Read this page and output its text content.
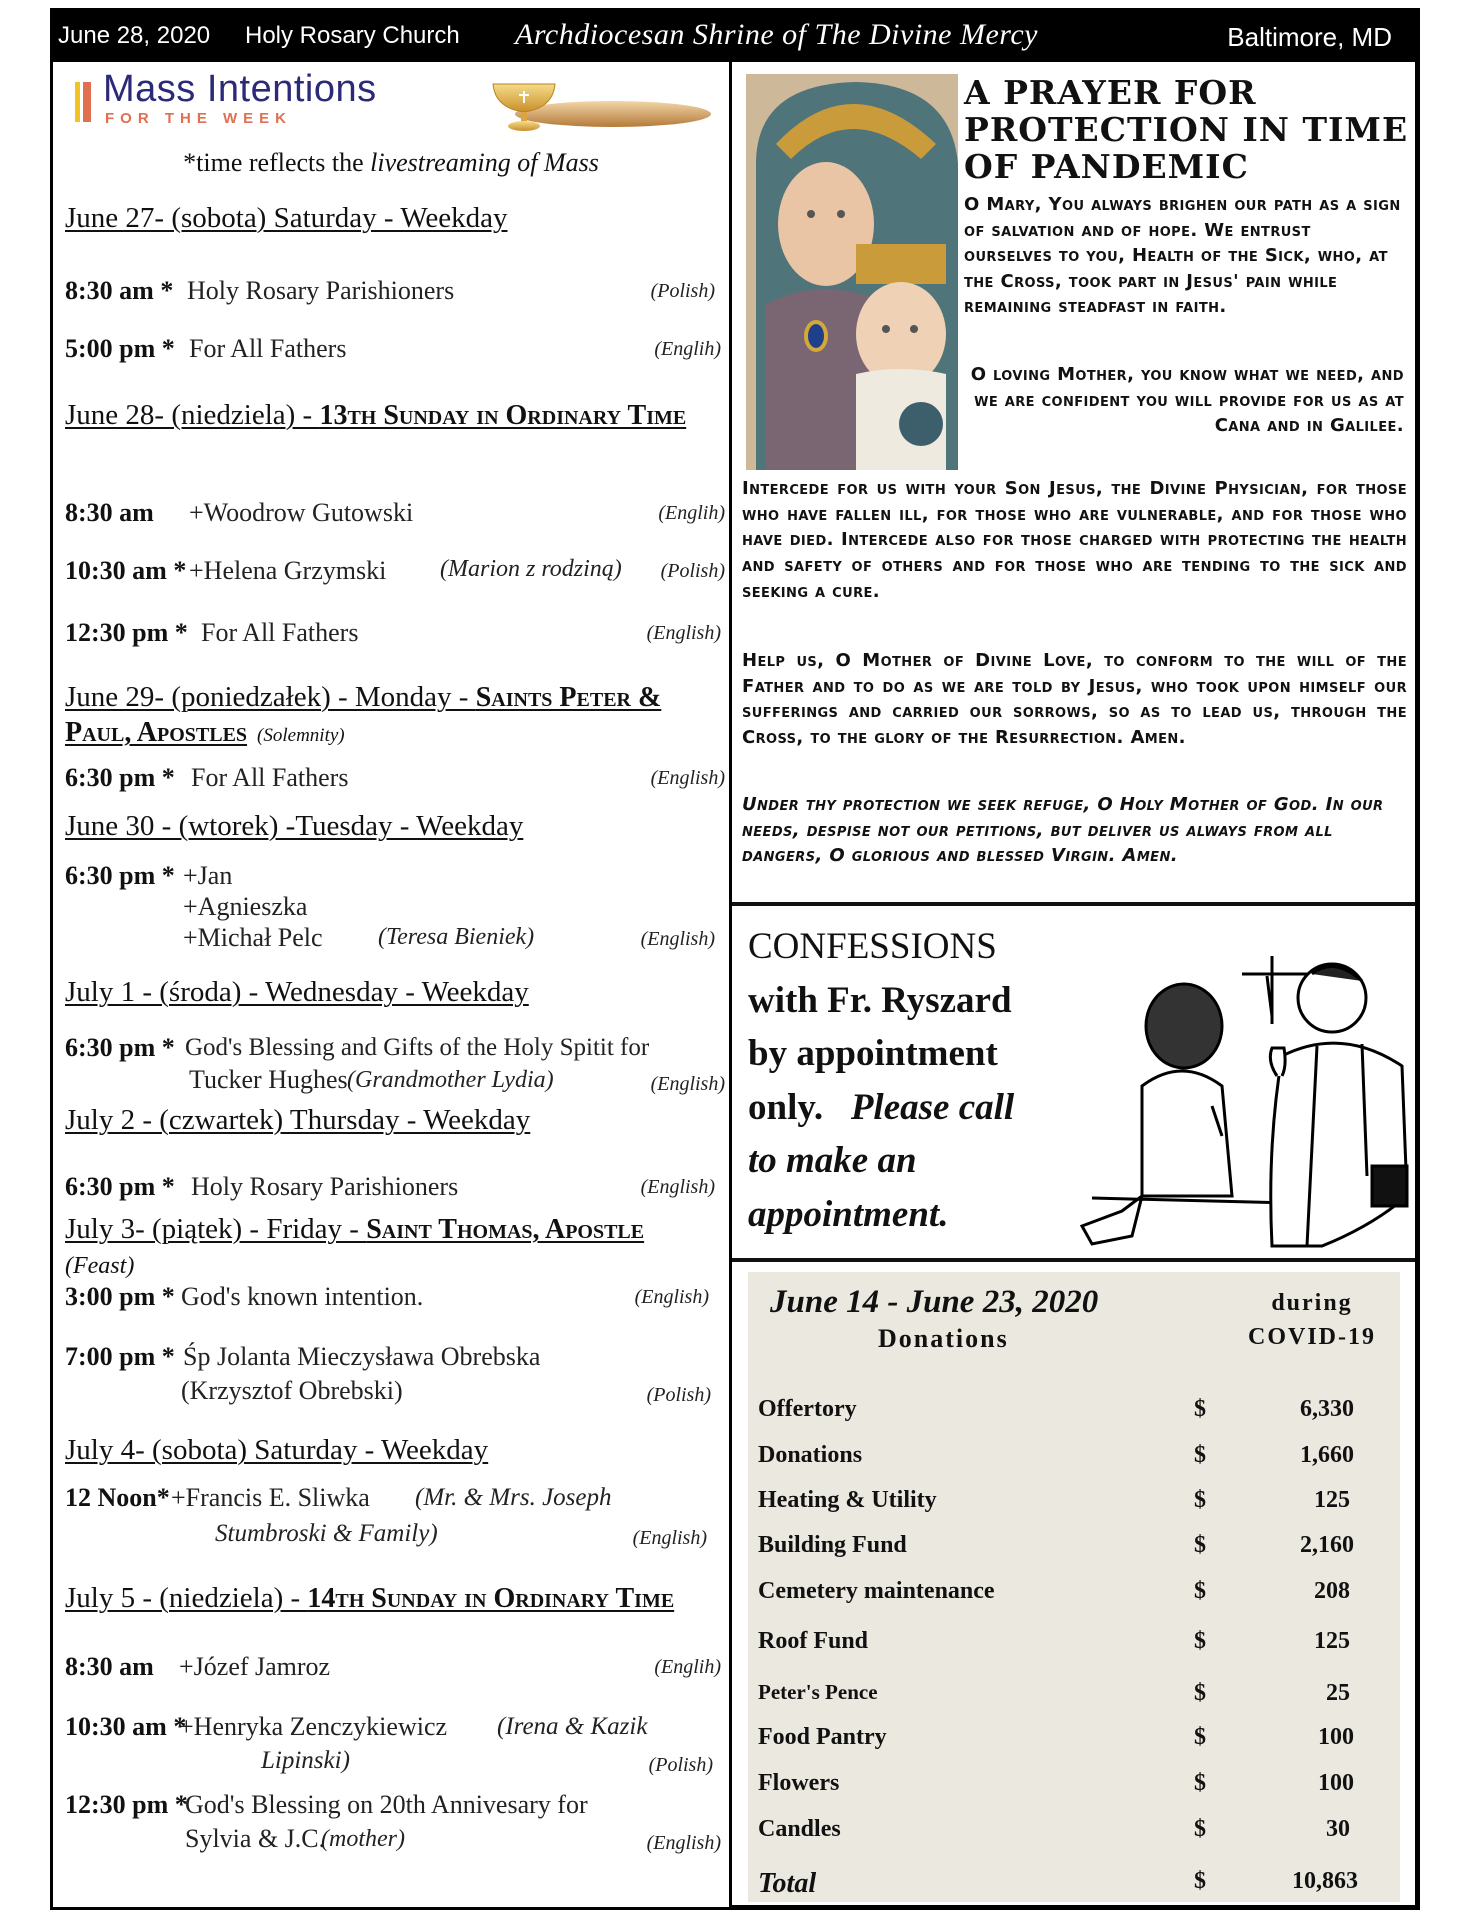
June 28, 2020 Holy Rosary Church Archdiocesan Shrine of The Divine Mercy	Baltimore, MD
Mass Intentions
FOR THE WEEK
*time reflects the livestreaming of Mass
June 27- (sobota) Saturday - Weekday
8:30 am * Holy Rosary Parishioners	(Polish)
5:00 pm * For All Fathers	(Englih)
June 28- (niedziela) - 13th Sunday in Ordinary Time
8:30 am +Woodrow Gutowski	(Englih)
10:30 am * +Helena Grzymski (Marion z rodziną) (Polish)
12:30 pm * For All Fathers	(English)
June 29- (poniedzałek) - Monday - Saints Peter & Paul, Apostles (Solemnity)
6:30 pm * For All Fathers	(English)
June 30 - (wtorek) -Tuesday - Weekday
6:30 pm * +Jan
+Agnieszka
+Michał Pelc (Teresa Bieniek)	(English)
July 1 - (środa) - Wednesday - Weekday
6:30 pm * God's Blessing and Gifts of the Holy Spitit for
Tucker Hughes (Grandmother Lydia)	(English)
July 2 - (czwartek) Thursday - Weekday
6:30 pm * Holy Rosary Parishioners	(English)
July 3- (piątek) - Friday - Saint Thomas, Apostle
(Feast)
3:00 pm * God's known intention.	(English)
7:00 pm * Śp Jolanta Mieczysława Obrebska
(Krzysztof Obrebski)	(Polish)
July 4- (sobota) Saturday - Weekday
12 Noon* +Francis E. Sliwka (Mr. & Mrs. Joseph
Stumbroski & Family)	(English)
July 5 - (niedziela) - 14th Sunday in Ordinary Time
8:30 am +Józef Jamroz	(Englih)
10:30 am *
+Henryka Zenczykiewicz (Irena & Kazik
Lipinski)	(Polish)
12:30 pm *
God's Blessing on 20th Annivesary for
Sylvia & J.C.
(mother)	(English)
A PRAYER FOR
PROTECTION IN TIME
OF PANDEMIC
O Mary, You always brighen our path as a sign of salvation and of hope. We entrust ourselves to you, Health of the Sick, who, at the Cross, took part in Jesus' pain while remaining steadfast in faith.
O loving Mother, you know what we need, and we are confident you will provide for us as at Cana and in Galilee.
Intercede for us with your Son Jesus, the Divine Physician, for those who have fallen ill, for those who are vulnerable, and for those who have died. Intercede also for those charged with protecting the health and safety of others and for those who are tending to the sick and seeking a cure.
Help us, O Mother of Divine Love, to conform to the will of the Father and to do as we are told by Jesus, who took upon himself our sufferings and carried our sorrows, so as to lead us, through the Cross, to the glory of the Resurrection. Amen.
Under thy protection we seek refuge, O Holy Mother of God. In our needs, despise not our petitions, but deliver us always from all dangers, O glorious and blessed Virgin. Amen.
CONFESSIONS
with Fr. Ryszard
by appointment
only. Please call
to make an
appointment.
June 14 - June 23, 2020
Donations
during
COVID-19
Offertory	$	6,330
Donations	$	1,660
Heating & Utility	$	125
Building Fund	$	2,160
Cemetery maintenance	$	208
Roof Fund	$	125
Peter's Pence	$	25
Food Pantry	$	100
Flowers	$	100
Candles	$	30
Total	$	10,863
